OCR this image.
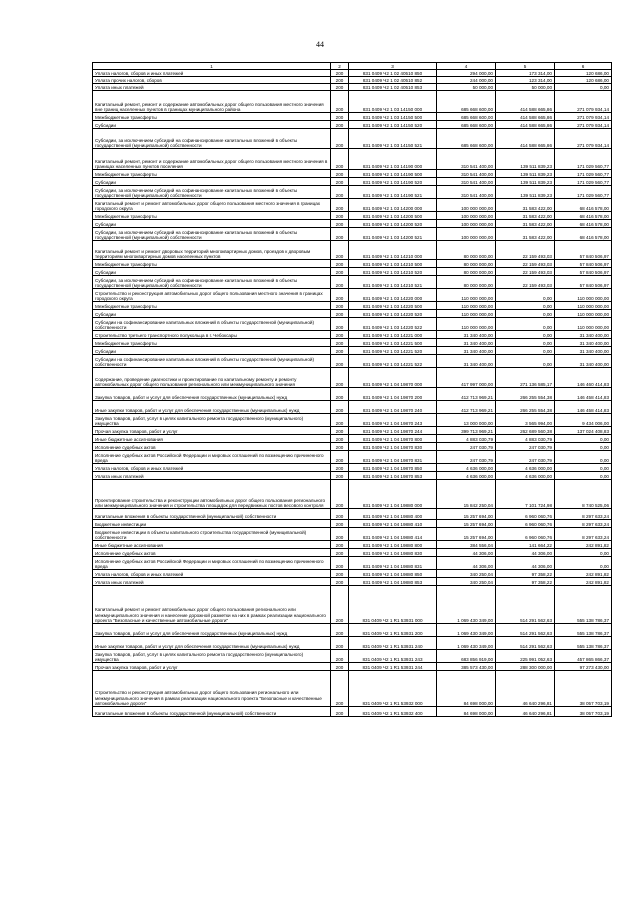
44
1	2	3	4	5	6
Уплата налогов, сборов и иных платежей	200	831 0409 Ч2 1 02 40510 850	294 000,00	173 314,00	120 686,00
Уплата прочих налогов, сборов	200	831 0409 Ч2 1 02 40510 852	244 000,00	123 314,00	120 686,00
Уплата иных платежей	200	831 0409 Ч2 1 02 40510 853	50 000,00	50 000,00	0,00
Капитальный ремонт, ремонт и содержание автомобильных дорог общего пользования местного значения вне границ населенных пунктов в границах муниципального района	200	831 0409 Ч2 1 03 14150 000	685 668 600,00	414 588 665,86	271 079 934,14
Межбюджетные трансферты	200	831 0409 Ч2 1 03 14150 500	685 668 600,00	414 588 665,86	271 079 934,14
Субсидии	200	831 0409 Ч2 1 03 14150 520	685 668 600,00	414 588 665,86	271 079 934,14
Субсидии, за исключением субсидий на софинансирование капитальных вложений в объекты государственной (муниципальной) собственности	200	831 0409 Ч2 1 03 14150 521	685 668 600,00	414 588 665,86	271 079 934,14
Капитальный ремонт, ремонт и содержание автомобильных дорог общего пользования местного значения в границах населенных пунктов поселения	200	831 0409 Ч2 1 03 14190 000	310 541 400,00	139 511 839,23	171 029 560,77
Межбюджетные трансферты	200	831 0409 Ч2 1 03 14190 500	310 541 400,00	139 511 839,23	171 029 560,77
Субсидии	200	831 0409 Ч2 1 03 14190 520	310 541 400,00	139 511 839,23	171 029 560,77
Субсидии, за исключением субсидий на софинансирование капитальных вложений в объекты государственной (муниципальной) собственности	200	831 0409 Ч2 1 03 14190 521	310 541 400,00	139 511 839,23	171 029 560,77
Капитальный ремонт и ремонт автомобильных дорог общего пользования местного значения в границах городского округа	200	831 0409 Ч2 1 03 14200 000	100 000 000,00	31 583 422,00	68 416 578,00
Межбюджетные трансферты	200	831 0409 Ч2 1 03 14200 500	100 000 000,00	31 583 422,00	68 416 578,00
Субсидии	200	831 0409 Ч2 1 03 14200 520	100 000 000,00	31 583 422,00	68 416 578,00
Субсидии, за исключением субсидий на софинансирование капитальных вложений в объекты государственной (муниципальной) собственности	200	831 0409 Ч2 1 03 14200 521	100 000 000,00	31 583 422,00	68 416 578,00
Капитальный ремонт и ремонт дворовых территорий многоквартирных домов, проездов к дворовым территориям многоквартирных домов населенных пунктов	200	831 0409 Ч2 1 03 14210 000	80 000 000,00	22 159 493,03	57 840 506,97
Межбюджетные трансферты	200	831 0409 Ч2 1 03 14210 500	80 000 000,00	22 159 493,03	57 840 506,97
Субсидии	200	831 0409 Ч2 1 03 14210 520	80 000 000,00	22 159 493,03	57 840 506,97
Субсидии, за исключением субсидий на софинансирование капитальных вложений в объекты государственной (муниципальной) собственности	200	831 0409 Ч2 1 03 14210 521	80 000 000,00	22 159 493,03	57 840 506,97
Строительство и реконструкция автомобильных дорог общего пользования местного значения в границах городского округа	200	831 0409 Ч2 1 03 14220 000	110 000 000,00	0,00	110 000 000,00
Межбюджетные трансферты	200	831 0409 Ч2 1 03 14220 500	110 000 000,00	0,00	110 000 000,00
Субсидии	200	831 0409 Ч2 1 03 14220 520	110 000 000,00	0,00	110 000 000,00
Субсидии на софинансирование капитальных вложений в объекты государственной (муниципальной) собственности	200	831 0409 Ч2 1 03 14220 522	110 000 000,00	0,00	110 000 000,00
Строительство третьего транспортного полукольца в г. Чебоксары	200	831 0409 Ч2 1 03 14221 000	31 340 400,00	0,00	31 340 400,00
Межбюджетные трансферты	200	831 0409 Ч2 1 03 14221 500	31 340 400,00	0,00	31 340 400,00
Субсидии	200	831 0409 Ч2 1 03 14221 520	31 340 400,00	0,00	31 340 400,00
Субсидии на софинансирование капитальных вложений в объекты государственной (муниципальной) собственности	200	831 0409 Ч2 1 03 14221 522	31 340 400,00	0,00	31 340 400,00
Содержание, проведение диагностики и проектирование по капитальному ремонту и ремонту автомобильных дорог общего пользования регионального или межмуниципального значения	200	831 0409 Ч2 1 04 19870 000	417 997 000,00	271 136 585,17	146 460 414,83
Закупка товаров, работ и услуг для обеспечения государственных (муниципальных) нужд	200	831 0409 Ч2 1 04 19870 200	412 713 969,21	266 255 554,38	146 458 414,83
Иные закупки товаров, работ и услуг для обеспечения государственных (муниципальных) нужд	200	831 0409 Ч2 1 04 19870 240	412 713 969,21	266 255 554,38	146 458 414,83
Закупка товаров, работ, услуг в целях капитального ремонта государственного (муниципального) имущества	200	831 0409 Ч2 1 04 19870 243	13 000 000,00	3 565 994,00	9 434 006,00
Прочая закупка товаров, работ и услуг	200	831 0409 Ч2 1 04 19870 244	399 713 969,21	262 689 560,38	137 024 408,83
Иные бюджетные ассигнования	200	831 0409 Ч2 1 04 19870 800	4 883 030,79	4 883 030,79	0,00
Исполнение судебных актов	200	831 0409 Ч2 1 04 19870 830	247 030,79	247 030,79	0,00
Исполнение судебных актов Российской Федерации и мировых соглашений по возмещению причиненного вреда	200	831 0409 Ч2 1 04 19870 831	247 030,79	247 030,79	0,00
Уплата налогов, сборов и иных платежей	200	831 0409 Ч2 1 04 19870 850	4 636 000,00	4 636 000,00	0,00
Уплата иных платежей	200	831 0409 Ч2 1 04 19870 853	4 636 000,00	4 636 000,00	0,00
Проектирование строительства и реконструкции автомобильных дорог общего пользования регионального или межмуниципального значения и строительства площадок для передвижных постов весового контроля	200	831 0409 Ч2 1 04 19880 000	15 842 250,04	7 101 724,98	8 740 525,06
Капитальные вложения в объекты государственной (муниципальной) собственности	200	831 0409 Ч2 1 04 19880 400	15 257 694,00	6 960 060,76	8 297 633,24
Бюджетные инвестиции	200	831 0409 Ч2 1 04 19880 410	15 257 694,00	6 960 060,76	8 297 633,24
Бюджетные инвестиции в объекты капитального строительства государственной (муниципальной) собственности	200	831 0409 Ч2 1 04 19880 414	15 257 694,00	6 960 060,76	8 297 633,24
Иные бюджетные ассигнования	200	831 0409 Ч2 1 04 19880 800	384 556,04	141 664,22	242 891,82
Исполнение судебных актов	200	831 0409 Ч2 1 04 19880 830	44 306,00	44 306,00	0,00
Исполнение судебных актов Российской Федерации и мировых соглашений по возмещению причиненного вреда	200	831 0409 Ч2 1 04 19880 831	44 306,00	44 306,00	0,00
Уплата налогов, сборов и иных платежей	200	831 0409 Ч2 1 04 19880 850	340 250,04	97 358,22	242 891,82
Уплата иных платежей	200	831 0409 Ч2 1 04 19880 853	340 250,04	97 358,22	242 891,82
Капитальный ремонт и ремонт автомобильных дорог общего пользования регионального или межмуниципального значения и нанесение дорожной разметки на них в рамках реализации национального проекта "Безопасные и качественные автомобильные дороги"	200	831 0409 Ч2 1 R1 53931 000	1 069 430 349,00	514 291 562,63	555 138 786,37
Закупка товаров, работ и услуг для обеспечения государственных (муниципальных) нужд	200	831 0409 Ч2 1 R1 53931 200	1 069 430 349,00	514 291 562,63	555 138 786,37
Иные закупки товаров, работ и услуг для обеспечения государственных (муниципальных) нужд	200	831 0409 Ч2 1 R1 53931 240	1 069 430 349,00	514 291 562,63	555 138 786,37
Закупка товаров, работ, услуг в целях капитального ремонта государственного (муниципального) имущества	200	831 0409 Ч2 1 R1 53931 243	683 856 919,00	225 991 052,63	457 865 866,37
Прочая закупка товаров, работ и услуг	200	831 0409 Ч2 1 R1 53931 244	385 573 430,00	288 300 000,00	97 273 430,00
Строительство и реконструкция автомобильных дорог общего пользования регионального или межмуниципального значения в рамках реализации национального проекта "Безопасные и качественные автомобильные дороги"	200	831 0409 Ч2 1 R1 53932 000	84 698 000,00	46 640 296,81	38 057 703,19
Капитальные вложения в объекты государственной (муниципальной) собственности	200	831 0409 Ч2 1 R1 53932 400	84 698 000,00	46 640 296,81	38 057 703,19
